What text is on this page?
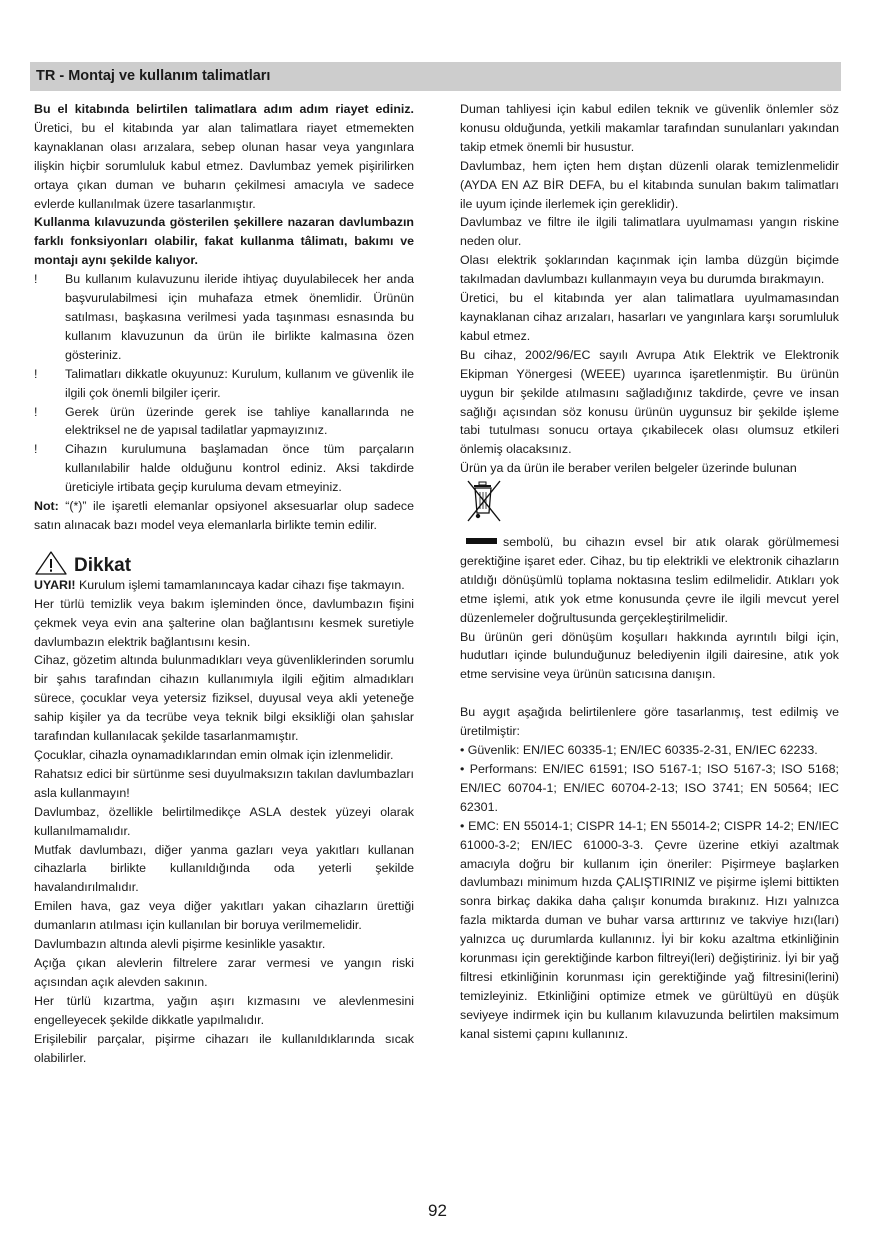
TR - Montaj ve kullanım talimatları

Bu el kitabında belirtilen talimatlara adım adım riayet ediniz. Üretici, bu el kitabında yar alan talimatlara riayet etmemekten kaynaklanan olası arızalara, sebep olunan hasar veya yangınlara ilişkin hiçbir sorumluluk kabul etmez. Davlumbaz yemek pişirilirken ortaya çıkan duman ve buharın çekilmesi amacıyla ve sadece evlerde kullanılmak üzere tasarlanmıştır.

Kullanma kılavuzunda gösterilen şekillere nazaran davlumbazın farklı fonksiyonları olabilir, fakat kullanma tâlimatı, bakımı ve montajı aynı şekilde kalıyor.

! Bu kullanım kulavuzunu ileride ihtiyaç duyulabilecek her anda başvurulabilmesi için muhafaza etmek önemlidir. Ürünün satılması, başkasına verilmesi yada taşınması esnasında bu kullanım klavuzunun da ürün ile birlikte kalmasına özen gösteriniz.
! Talimatları dikkatle okuyunuz: Kurulum, kullanım ve güvenlik ile ilgili çok önemli bilgiler içerir.
! Gerek ürün üzerinde gerek ise tahliye kanallarında ne elektriksel ne de yapısal tadilatlar yapmayızınız.
! Cihazın kurulumuna başlamadan önce tüm parçaların kullanılabilir halde olduğunu kontrol ediniz. Aksi takdirde üreticiyle irtibata geçip kuruluma devam etmeyiniz.

Not: “(*)” ile işaretli elemanlar opsiyonel aksesuarlar olup sadece satın alınacak bazı model veya elemanlarla birlikte temin edilir.

Dikkat

UYARI! Kurulum işlemi tamamlanıncaya kadar cihazı fişe takmayın.

Her türlü temizlik veya bakım işleminden önce, davlumbazın fişini çekmek veya evin ana şalterine olan bağlantısını kesmek suretiyle davlumbazın elektrik bağlantısını kesin.

Cihaz, gözetim altında bulunmadıkları veya güvenliklerinden sorumlu bir şahıs tarafından cihazın kullanımıyla ilgili eğitim almadıkları sürece, çocuklar veya yetersiz fiziksel, duyusal veya akli yeteneğe sahip kişiler ya da tecrübe veya teknik bilgi eksikliği olan şahıslar tarafından kullanılacak şekilde tasarlanmamıştır.

Çocuklar, cihazla oynamadıklarından emin olmak için izlenmelidir.

Rahatsız edici bir sürtünme sesi duyulmaksızın takılan davlumbazları asla kullanmayın!

Davlumbaz, özellikle belirtilmedikçe ASLA destek yüzeyi olarak kullanılmamalıdır.

Mutfak davlumbazı, diğer yanma gazları veya yakıtları kullanan cihazlarla birlikte kullanıldığında oda yeterli şekilde havalandırılmalıdır.

Emilen hava, gaz veya diğer yakıtları yakan cihazların ürettiği dumanların atılması için kullanılan bir boruya verilmemelidir.

Davlumbazın altında alevli pişirme kesinlikle yasaktır.

Açığa çıkan alevlerin filtrelere zarar vermesi ve yangın riski açısından açık alevden sakının.

Her türlü kızartma, yağın aşırı kızmasını ve alevlenmesini engelleyecek şekilde dikkatle yapılmalıdır.

Erişilebilir parçalar, pişirme cihazarı ile kullanıldıklarında sıcak olabilirler.

Duman tahliyesi için kabul edilen teknik ve güvenlik önlemler söz konusu olduğunda, yetkili makamlar tarafından sunulanları yakından takip etmek önemli bir husustur.

Davlumbaz, hem içten hem dıştan düzenli olarak temizlenmelidir (AYDA EN AZ BİR DEFA, bu el kitabında sunulan bakım talimatları ile uyum içinde ilerlemek için gereklidir).

Davlumbaz ve filtre ile ilgili talimatlara uyulmaması yangın riskine neden olur.

Olası elektrik şoklarından kaçınmak için lamba düzgün biçimde takılmadan davlumbazı kullanmayın veya bu durumda bırakmayın.

Üretici, bu el kitabında yer alan talimatlara uyulmamasından kaynaklanan cihaz arızaları, hasarları ve yangınlara karşı sorumluluk kabul etmez.

Bu cihaz, 2002/96/EC sayılı Avrupa Atık Elektrik ve Elektronik Ekipman Yönergesi (WEEE) uyarınca işaretlenmiştir. Bu ürünün uygun bir şekilde atılmasını sağladığınız takdirde, çevre ve insan sağlığı açısından söz konusu ürünün uygunsuz bir şekilde işleme tabi tutulması sonucu ortaya çıkabilecek olası olumsuz etkileri önlemiş olacaksınız.

Ürün ya da ürün ile beraber verilen belgeler üzerinde bulunan

sembolü, bu cihazın evsel bir atık olarak görülmemesi gerektiğine işaret eder. Cihaz, bu tip elektrikli ve elektronik cihazların atıldığı dönüşümlü toplama noktasına teslim edilmelidir. Atıkları yok etme işlemi, atık yok etme konusunda çevre ile ilgili mevcut yerel düzenlemeler doğrultusunda gerçekleştirilmelidir.

Bu ürünün geri dönüşüm koşulları hakkında ayrıntılı bilgi için, hudutları içinde bulunduğunuz belediyenin ilgili dairesine, atık yok etme servisine veya ürünün satıcısına danışın.

Bu aygıt aşağıda belirtilenlere göre tasarlanmış, test edilmiş ve üretilmiştir:

• Güvenlik: EN/IEC 60335-1; EN/IEC 60335-2-31, EN/IEC 62233.

• Performans: EN/IEC 61591; ISO 5167-1; ISO 5167-3; ISO 5168; EN/IEC 60704-1; EN/IEC 60704-2-13; ISO 3741; EN 50564; IEC 62301.

• EMC: EN 55014-1; CISPR 14-1; EN 55014-2; CISPR 14-2; EN/IEC 61000-3-2; EN/IEC 61000-3-3. Çevre üzerine etkiyi azaltmak amacıyla doğru bir kullanım için öneriler: Pişirmeye başlarken davlumbazı minimum hızda ÇALIŞTIRINIZ ve pişirme işlemi bittikten sonra birkaç dakika daha çalışır konumda bırakınız. Hızı yalnızca fazla miktarda duman ve buhar varsa arttırınız ve takviye hızı(ları) yalnızca uç durumlarda kullanınız. İyi bir koku azaltma etkinliğinin korunması için gerektiğinde karbon filtreyi(leri) değiştiriniz. İyi bir yağ filtresi etkinliğinin korunması için gerektiğinde yağ filtresini(lerini) temizleyiniz. Etkinliğini optimize etmek ve gürültüyü en düşük seviyeye indirmek için bu kullanım kılavuzunda belirtilen maksimum kanal sistemi çapını kullanınız.

92
